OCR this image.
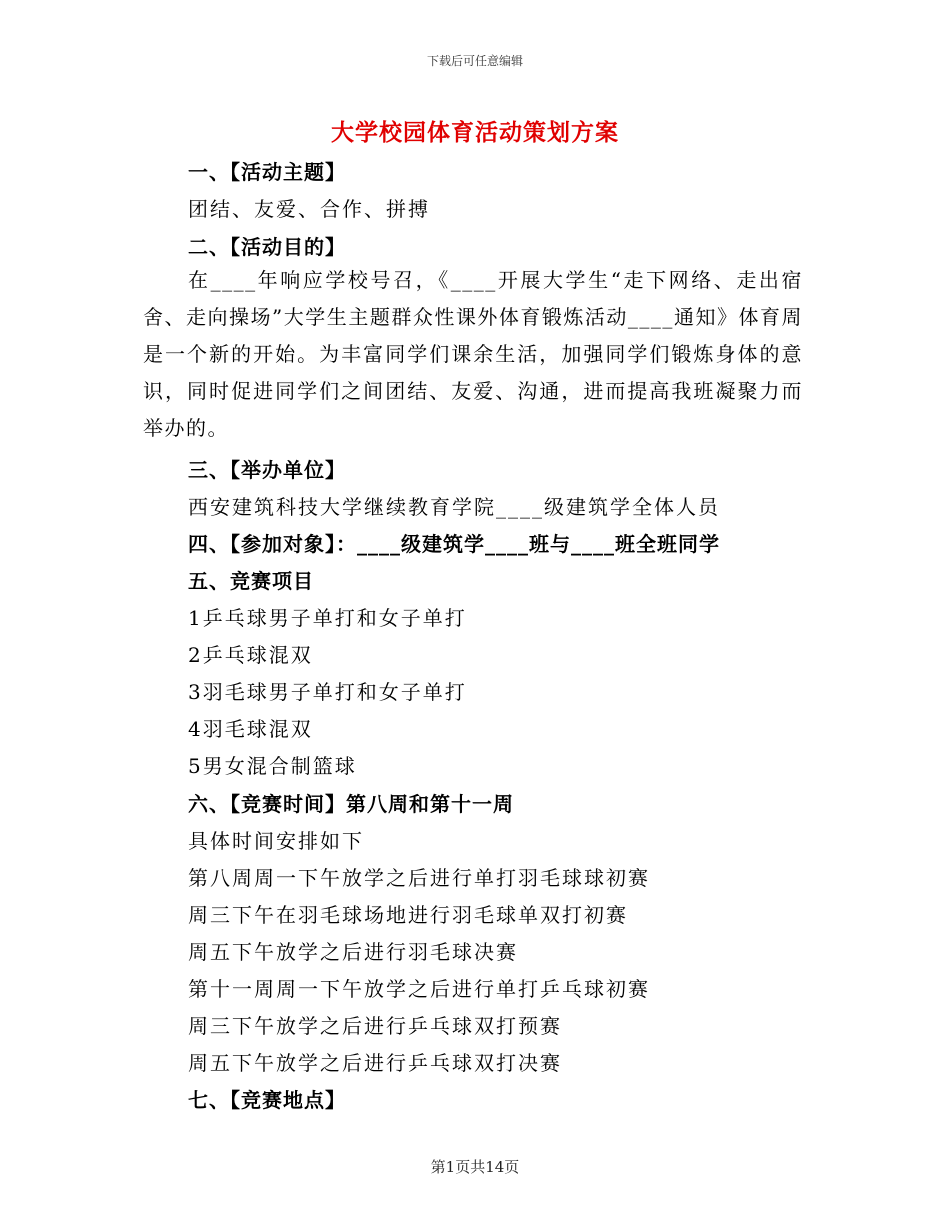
下载后可任意编辑
大学校园体育活动策划方案
一、【活动主题】
团结、友爱、合作、拼搏
二、【活动目的】

在____年响应学校号召，《____开展大学生“走下网络、走出宿舍、走向操场”大学生主题群众性课外体育锻炼活动____通知》体育周是一个新的开始。为丰富同学们课余生活，加强同学们锻炼身体的意识，同时促进同学们之间团结、友爱、沟通，进而提高我班凝聚力而举办的。

三、【举办单位】
西安建筑科技大学继续教育学院____级建筑学全体人员
四、【参加对象】：____级建筑学____班与____班全班同学
五、竞赛项目
1乒乓球男子单打和女子单打
2乒乓球混双
3羽毛球男子单打和女子单打
4羽毛球混双
5男女混合制篮球
六、【竞赛时间】第八周和第十一周
具体时间安排如下
第八周周一下午放学之后进行单打羽毛球球初赛
周三下午在羽毛球场地进行羽毛球单双打初赛
周五下午放学之后进行羽毛球决赛
第十一周周一下午放学之后进行单打乒乓球初赛
周三下午放学之后进行乒乓球双打预赛
周五下午放学之后进行乒乓球双打决赛
七、【竞赛地点】
第1页共14页
